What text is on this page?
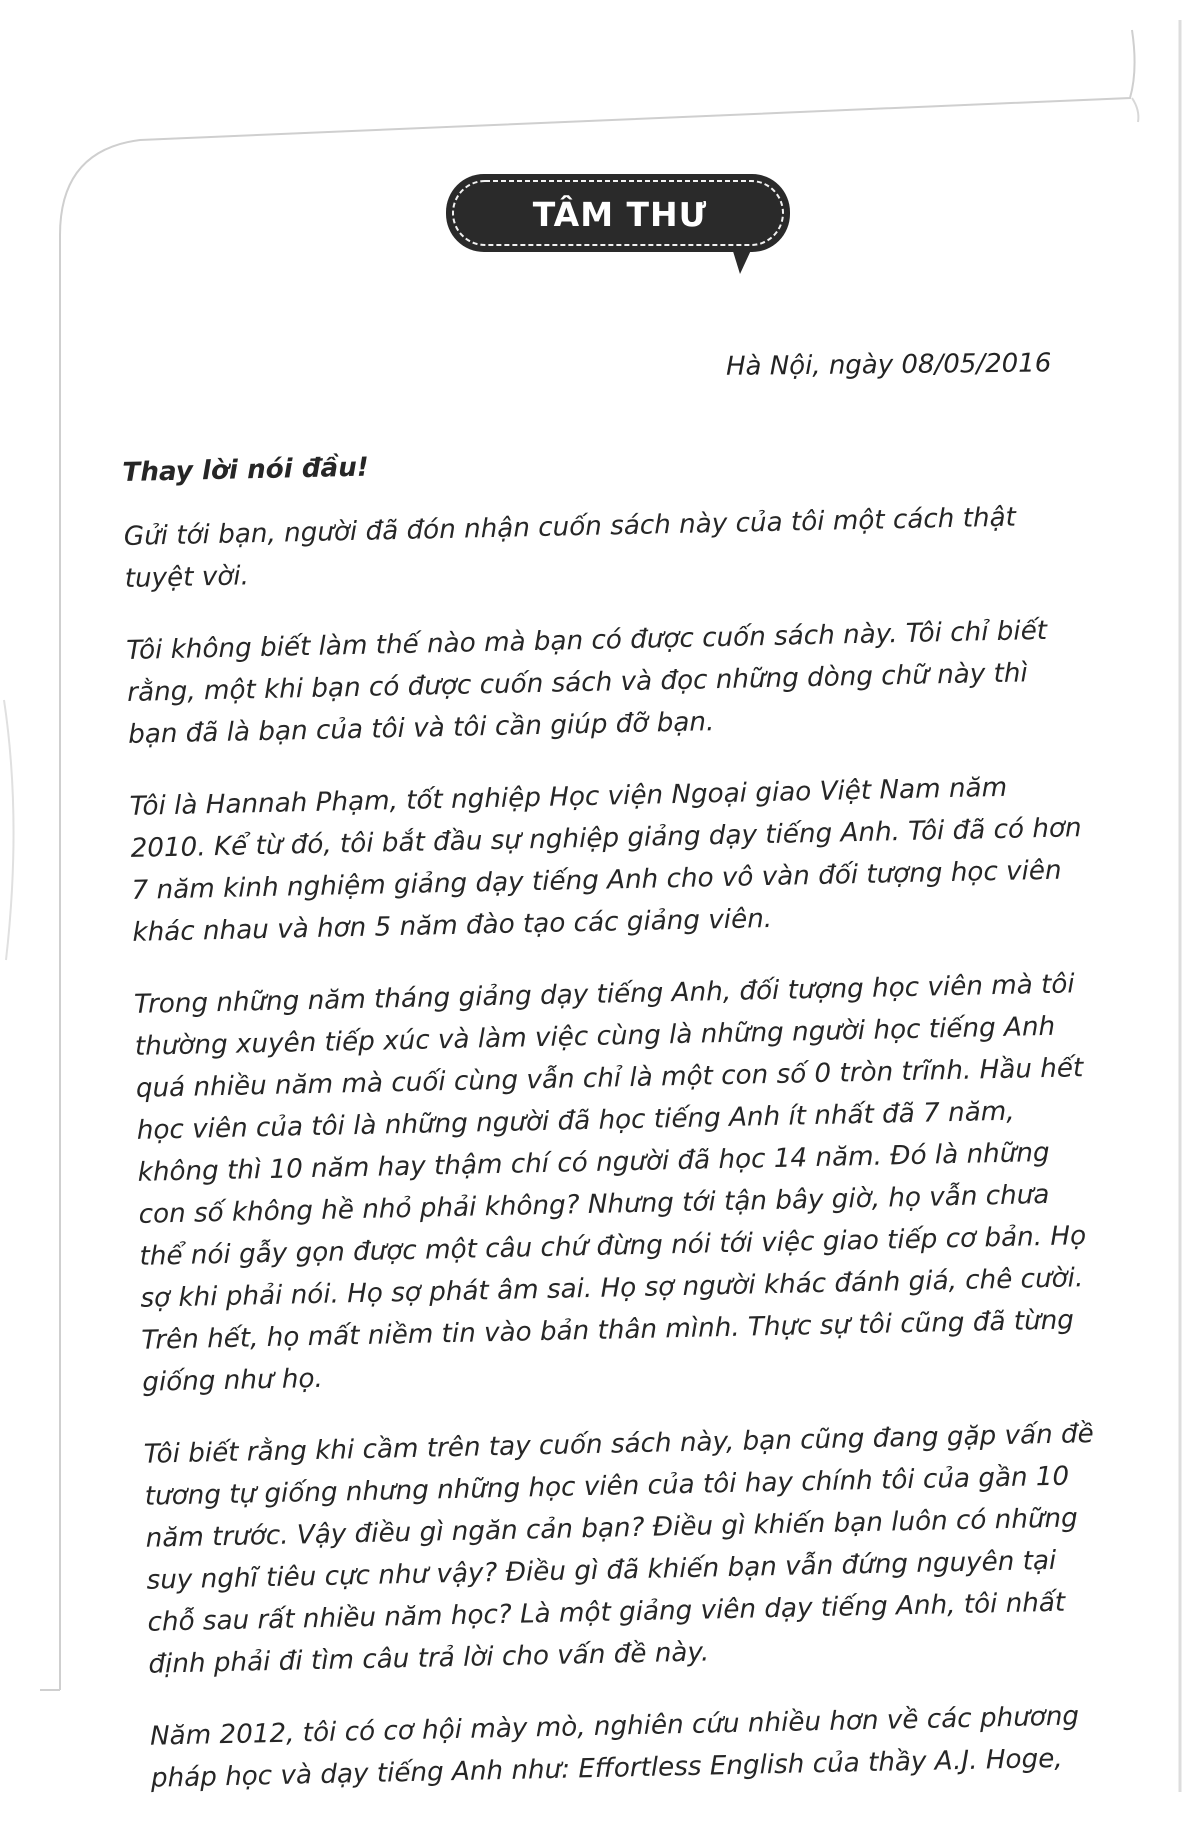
TÂM THƯ
Hà Nội, ngày 08/05/2016

Thay lời nói đầu!

Gửi tới bạn, người đã đón nhận cuốn sách này của tôi một cách thật tuyệt vời.

Tôi không biết làm thế nào mà bạn có được cuốn sách này. Tôi chỉ biết rằng, một khi bạn có được cuốn sách và đọc những dòng chữ này thì bạn đã là bạn của tôi và tôi cần giúp đỡ bạn.

Tôi là Hannah Phạm, tốt nghiệp Học viện Ngoại giao Việt Nam năm 2010. Kể từ đó, tôi bắt đầu sự nghiệp giảng dạy tiếng Anh. Tôi đã có hơn 7 năm kinh nghiệm giảng dạy tiếng Anh cho vô vàn đối tượng học viên khác nhau và hơn 5 năm đào tạo các giảng viên.

Trong những năm tháng giảng dạy tiếng Anh, đối tượng học viên mà tôi thường xuyên tiếp xúc và làm việc cùng là những người học tiếng Anh quá nhiều năm mà cuối cùng vẫn chỉ là một con số 0 tròn trĩnh. Hầu hết học viên của tôi là những người đã học tiếng Anh ít nhất đã 7 năm, không thì 10 năm hay thậm chí có người đã học 14 năm. Đó là những con số không hề nhỏ phải không? Nhưng tới tận bây giờ, họ vẫn chưa thể nói gẫy gọn được một câu chứ đừng nói tới việc giao tiếp cơ bản. Họ sợ khi phải nói. Họ sợ phát âm sai. Họ sợ người khác đánh giá, chê cười. Trên hết, họ mất niềm tin vào bản thân mình. Thực sự tôi cũng đã từng giống như họ.

Tôi biết rằng khi cầm trên tay cuốn sách này, bạn cũng đang gặp vấn đề tương tự giống nhưng những học viên của tôi hay chính tôi của gần 10 năm trước. Vậy điều gì ngăn cản bạn? Điều gì khiến bạn luôn có những suy nghĩ tiêu cực như vậy? Điều gì đã khiến bạn vẫn đứng nguyên tại chỗ sau rất nhiều năm học? Là một giảng viên dạy tiếng Anh, tôi nhất định phải đi tìm câu trả lời cho vấn đề này.

Năm 2012, tôi có cơ hội mày mò, nghiên cứu nhiều hơn về các phương pháp học và dạy tiếng Anh như: Effortless English của thầy A.J. Hoge,
